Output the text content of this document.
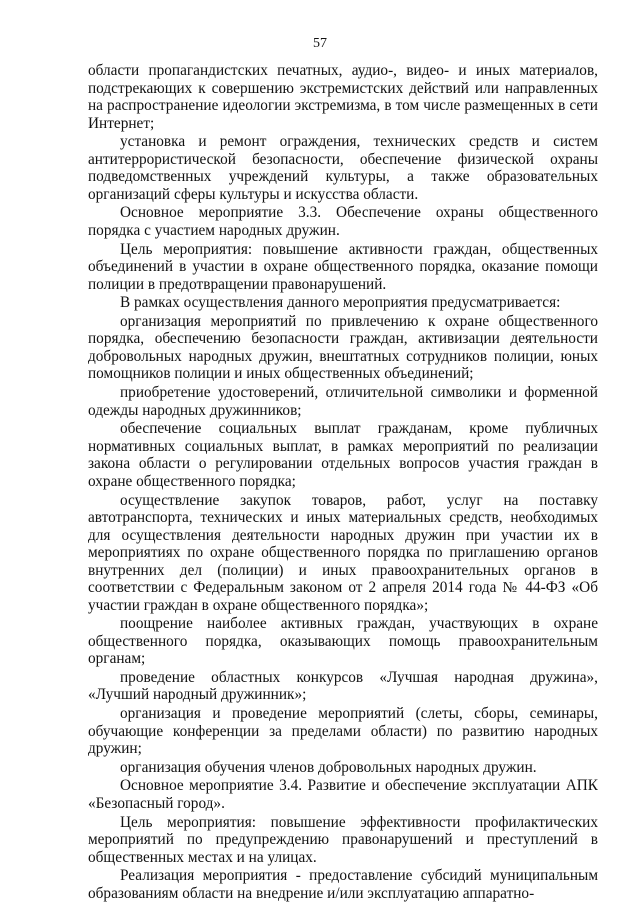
57

области пропагандистских печатных, аудио-, видео- и иных материалов, подстрекающих к совершению экстремистских действий или направленных на распространение идеологии экстремизма, в том числе размещенных в сети Интернет;

установка и ремонт ограждения, технических средств и систем антитеррористической безопасности, обеспечение физической охраны подведомственных учреждений культуры, а также образовательных организаций сферы культуры и искусства области.

Основное мероприятие 3.3. Обеспечение охраны общественного порядка с участием народных дружин.

Цель мероприятия: повышение активности граждан, общественных объединений в участии в охране общественного порядка, оказание помощи полиции в предотвращении правонарушений.

В рамках осуществления данного мероприятия предусматривается:

организация мероприятий по привлечению к охране общественного порядка, обеспечению безопасности граждан, активизации деятельности добровольных народных дружин, внештатных сотрудников полиции, юных помощников полиции и иных общественных объединений;

приобретение удостоверений, отличительной символики и форменной одежды народных дружинников;

обеспечение социальных выплат гражданам, кроме публичных нормативных социальных выплат, в рамках мероприятий по реализации закона области о регулировании отдельных вопросов участия граждан в охране общественного порядка;

осуществление закупок товаров, работ, услуг на поставку автотранспорта, технических и иных материальных средств, необходимых для осуществления деятельности народных дружин при участии их в мероприятиях по охране общественного порядка по приглашению органов внутренних дел (полиции) и иных правоохранительных органов в соответствии с Федеральным законом от 2 апреля 2014 года № 44-ФЗ «Об участии граждан в охране общественного порядка»;

поощрение наиболее активных граждан, участвующих в охране общественного порядка, оказывающих помощь правоохранительным органам;

проведение областных конкурсов «Лучшая народная дружина», «Лучший народный дружинник»;

организация и проведение мероприятий (слеты, сборы, семинары, обучающие конференции за пределами области) по развитию народных дружин;

организация обучения членов добровольных народных дружин.

Основное мероприятие 3.4. Развитие и обеспечение эксплуатации АПК «Безопасный город».

Цель мероприятия: повышение эффективности профилактических мероприятий по предупреждению правонарушений и преступлений в общественных местах и на улицах.

Реализация мероприятия - предоставление субсидий муниципальным образованиям области на внедрение и/или эксплуатацию аппаратно-
